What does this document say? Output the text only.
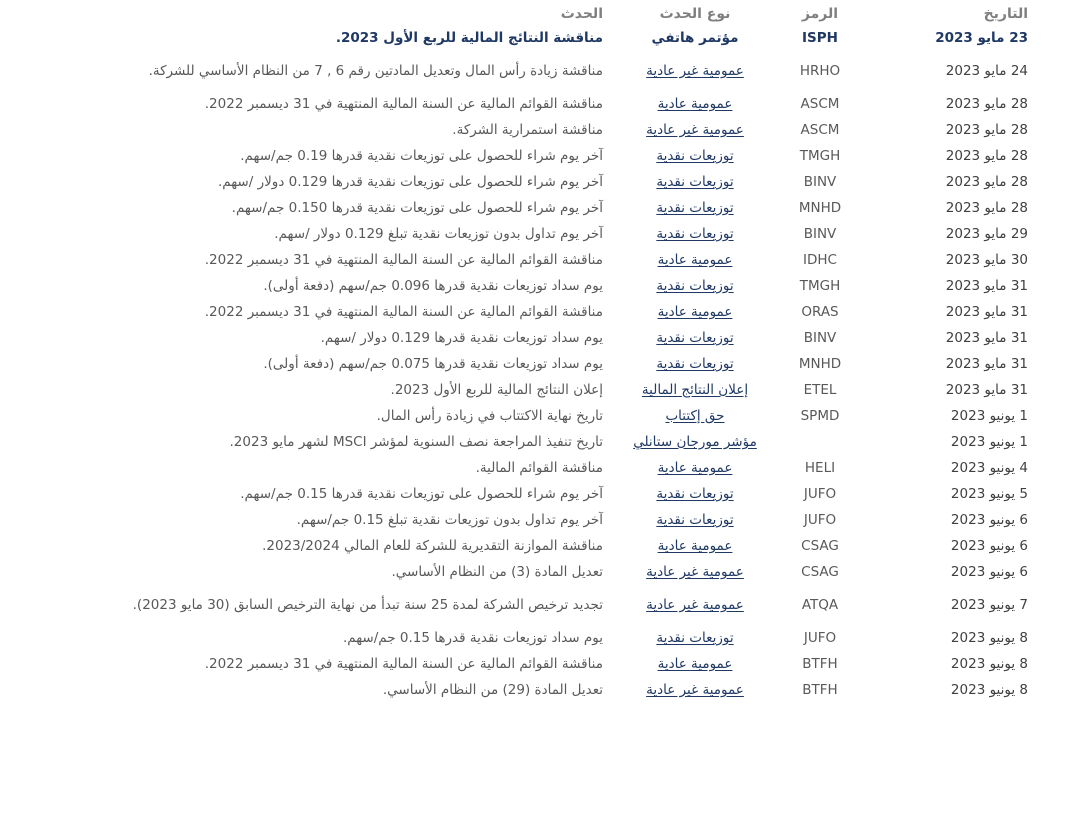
التاريخ	الرمز	نوع الحدث	الحدث
23 مايو 2023	ISPH	مؤتمر هاتفي	مناقشة النتائج المالية للربع الأول 2023.
24 مايو 2023	HRHO	عمومية غير عادية	مناقشة زيادة رأس المال وتعديل المادتين رقم 6 , 7 من النظام الأساسي للشركة.
28 مايو 2023	ASCM	عمومية عادية	مناقشة القوائم المالية عن السنة المالية المنتهية في 31 ديسمبر 2022.
28 مايو 2023	ASCM	عمومية غير عادية	مناقشة استمرارية الشركة.
28 مايو 2023	TMGH	توزيعات نقدية	آخر يوم شراء للحصول على توزيعات نقدية قدرها 0.19 جم/سهم.
28 مايو 2023	BINV	توزيعات نقدية	آخر يوم شراء للحصول على توزيعات نقدية قدرها 0.129 دولار /سهم.
28 مايو 2023	MNHD	توزيعات نقدية	آخر يوم شراء للحصول على توزيعات نقدية قدرها 0.150 جم/سهم.
29 مايو 2023	BINV	توزيعات نقدية	آخر يوم تداول بدون توزيعات نقدية تبلغ 0.129 دولار /سهم.
30 مايو 2023	IDHC	عمومية عادية	مناقشة القوائم المالية عن السنة المالية المنتهية في 31 ديسمبر 2022.
31 مايو 2023	TMGH	توزيعات نقدية	يوم سداد توزيعات نقدية قدرها 0.096 جم/سهم (دفعة أولى).
31 مايو 2023	ORAS	عمومية عادية	مناقشة القوائم المالية عن السنة المالية المنتهية في 31 ديسمبر 2022.
31 مايو 2023	BINV	توزيعات نقدية	يوم سداد توزيعات نقدية قدرها 0.129 دولار /سهم.
31 مايو 2023	MNHD	توزيعات نقدية	يوم سداد توزيعات نقدية قدرها 0.075 جم/سهم (دفعة أولى).
31 مايو 2023	ETEL	إعلان النتائج المالية	إعلان النتائج المالية للربع الأول 2023.
1 يونيو 2023	SPMD	حق إكتتاب	تاريخ نهاية الاكتتاب في زيادة رأس المال.
1 يونيو 2023		مؤشر مورجان ستانلي	تاريخ تنفيذ المراجعة نصف السنوية لمؤشر MSCI لشهر مايو 2023.
4 يونيو 2023	HELI	عمومية عادية	مناقشة القوائم المالية.
5 يونيو 2023	JUFO	توزيعات نقدية	آخر يوم شراء للحصول على توزيعات نقدية قدرها 0.15 جم/سهم.
6 يونيو 2023	JUFO	توزيعات نقدية	آخر يوم تداول بدون توزيعات نقدية تبلغ 0.15 جم/سهم.
6 يونيو 2023	CSAG	عمومية عادية	مناقشة الموازنة التقديرية للشركة للعام المالي 2023/2024.
6 يونيو 2023	CSAG	عمومية غير عادية	تعديل المادة (3) من النظام الأساسي.
7 يونيو 2023	ATQA	عمومية غير عادية	تجديد ترخيص الشركة لمدة 25 سنة تبدأ من نهاية الترخيص السابق (30 مايو 2023).
8 يونيو 2023	JUFO	توزيعات نقدية	يوم سداد توزيعات نقدية قدرها 0.15 جم/سهم.
8 يونيو 2023	BTFH	عمومية عادية	مناقشة القوائم المالية عن السنة المالية المنتهية في 31 ديسمبر 2022.
8 يونيو 2023	BTFH	عمومية غير عادية	تعديل المادة (29) من النظام الأساسي.
